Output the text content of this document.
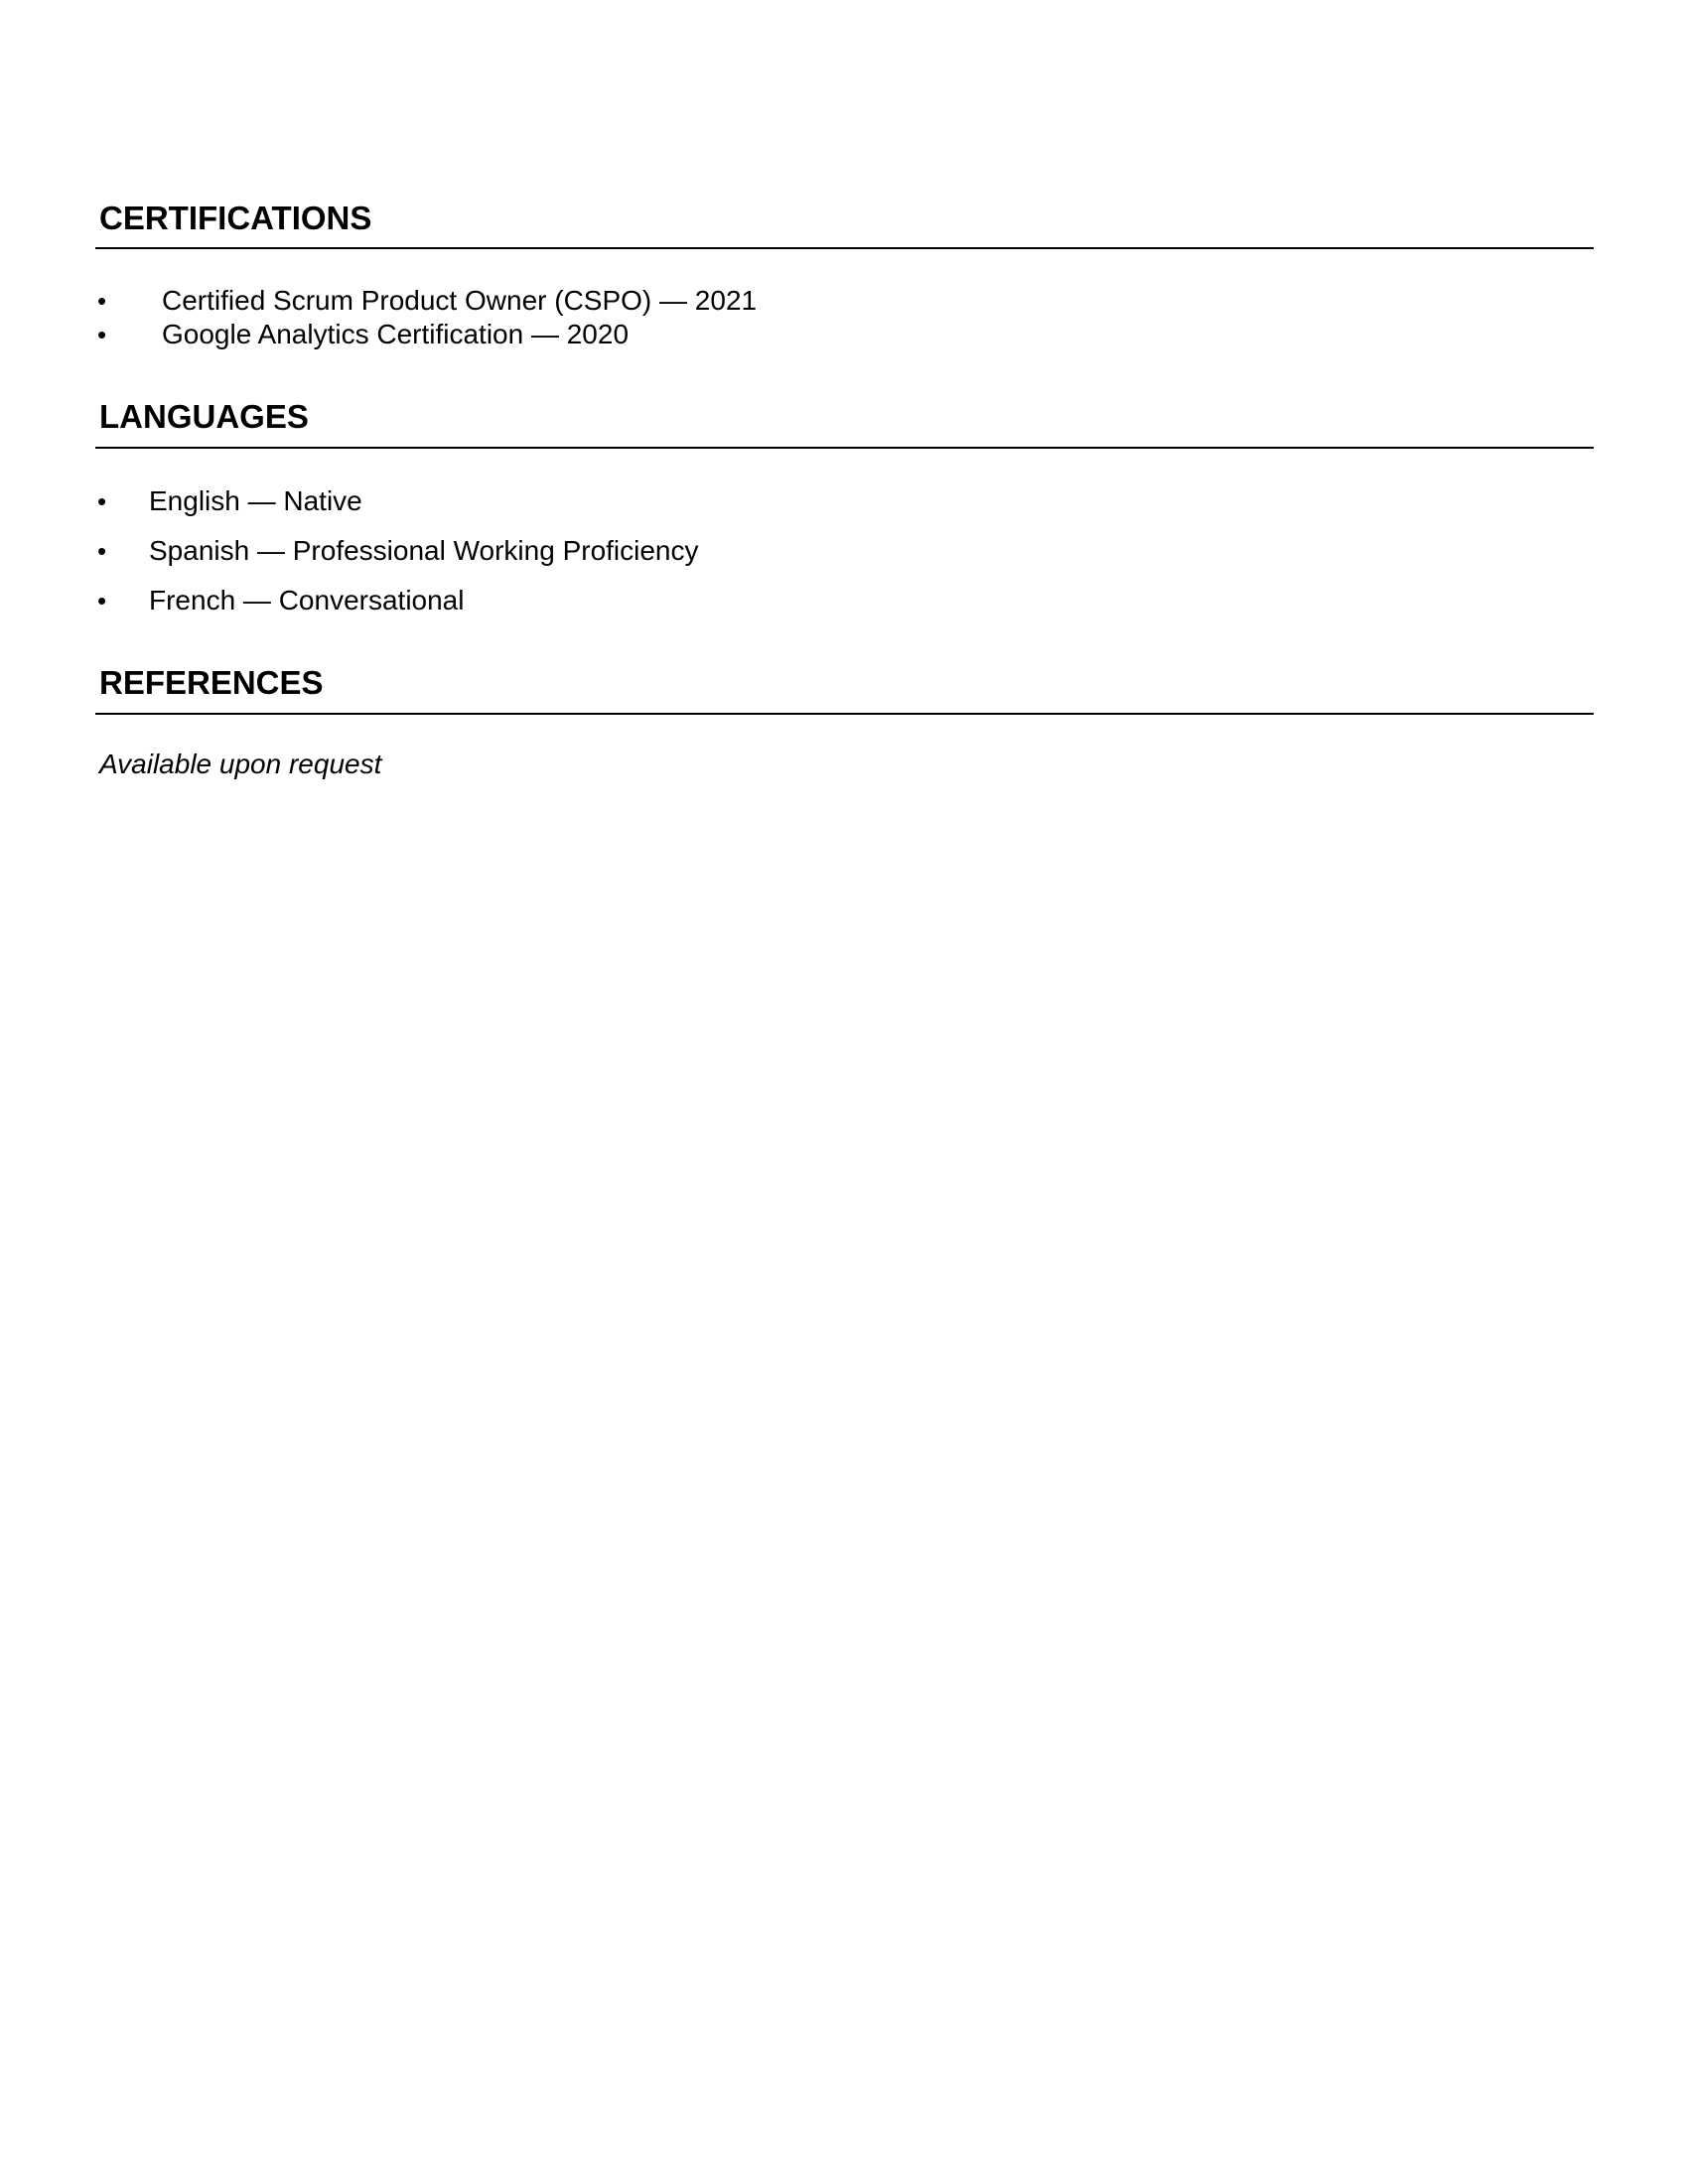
CERTIFICATIONS
• Certified Scrum Product Owner (CSPO) — 2021
• Google Analytics Certification — 2020
LANGUAGES
• English — Native
• Spanish — Professional Working Proficiency
• French — Conversational
REFERENCES

Available upon request
